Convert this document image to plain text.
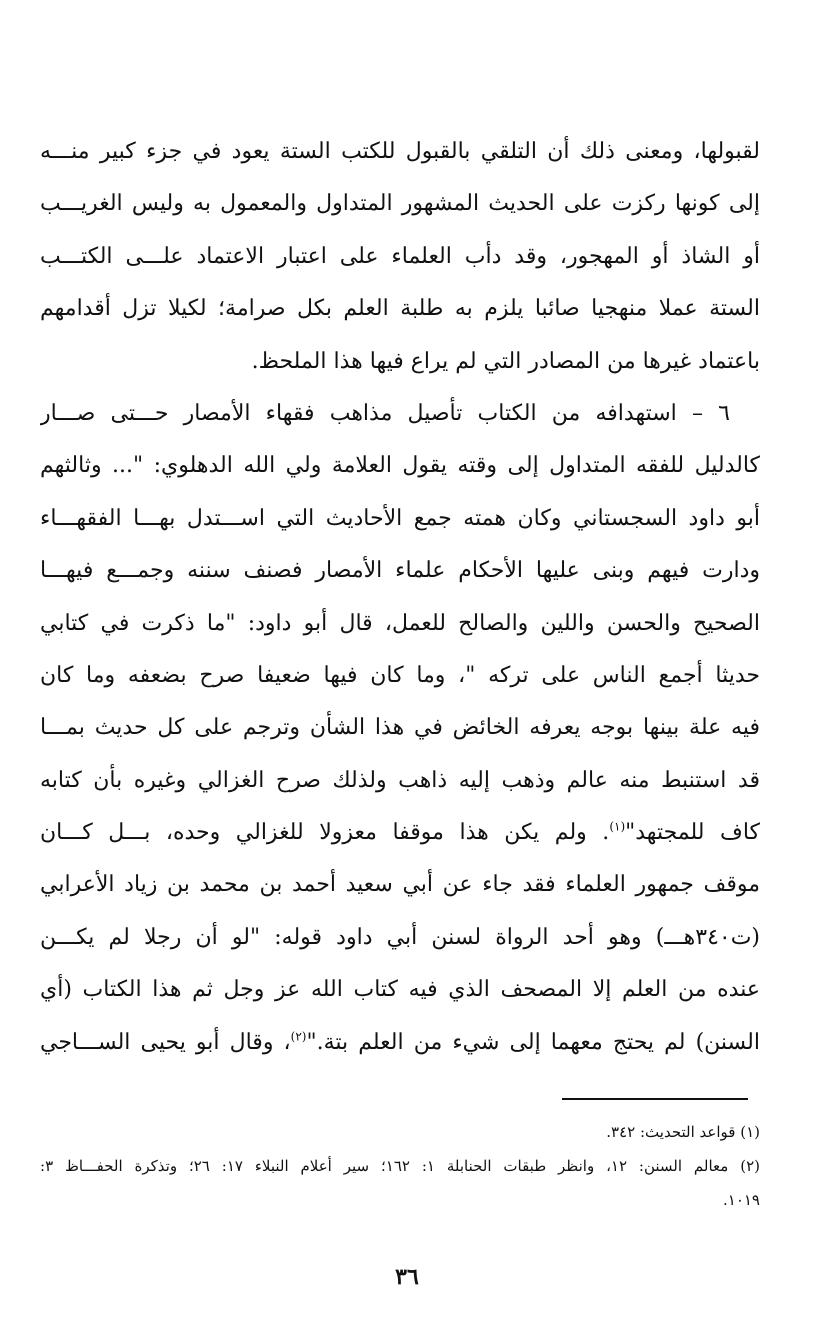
لقبولها، ومعنى ذلك أن التلقي بالقبول للكتب الستة يعود في جزء كبير منـــه
إلى كونها ركزت على الحديث المشهور المتداول والمعمول به وليس الغريـــب
أو الشاذ أو المهجور، وقد دأب العلماء على اعتبار الاعتماد علـــى الكتـــب
الستة عملا منهجيا صائبا يلزم به طلبة العلم بكل صرامة؛ لكيلا تزل أقدامهم
باعتماد غيرها من المصادر التي لم يراع فيها هذا الملحظ.
٦ – استهدافه من الكتاب تأصيل مذاهب فقهاء الأمصار حـــتى صـــار
كالدليل للفقه المتداول إلى وقته يقول العلامة ولي الله الدهلوي: "... وثالثهم
أبو داود السجستاني وكان همته جمع الأحاديث التي اســـتدل بهـــا الفقهـــاء
ودارت فيهم وبنى عليها الأحكام علماء الأمصار فصنف سننه وجمـــع فيهـــا
الصحيح والحسن واللين والصالح للعمل، قال أبو داود: "ما ذكرت في كتابي
حديثا أجمع الناس على تركه "، وما كان فيها ضعيفا صرح بضعفه وما كان
فيه علة بينها بوجه يعرفه الخائض في هذا الشأن وترجم على كل حديث بمـــا
قد استنبط منه عالم وذهب إليه ذاهب ولذلك صرح الغزالي وغيره بأن كتابه
كاف للمجتهد"$^{(١)}$. ولم يكن هذا موقفا معزولا للغزالي وحده، بـــل كـــان
موقف جمهور العلماء فقد جاء عن أبي سعيد أحمد بن محمد بن زياد الأعرابي
(ت٣٤٠هـــ) وهو أحد الرواة لسنن أبي داود قوله: "لو أن رجلا لم يكـــن
عنده من العلم إلا المصحف الذي فيه كتاب الله عز وجل ثم هذا الكتاب (أي
السنن) لم يحتج معهما إلى شيء من العلم بتة."$^{(٢)}$، وقال أبو يحيى الســـاجي
(١) قواعد التحديث: ٣٤٢.
(٢) معالم السنن: ١٢، وانظر طبقات الحنابلة ١: ١٦٢؛ سير أعلام النبلاء ١٧: ٢٦؛ وتذكرة الحفـــاظ ٣:
١٠١٩.
٣٦
